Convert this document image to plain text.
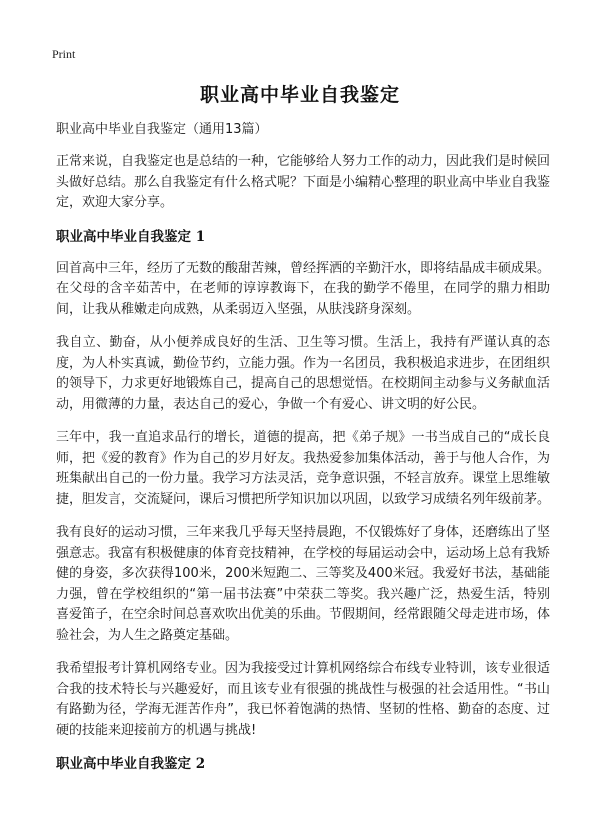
Print
职业高中毕业自我鉴定
职业高中毕业自我鉴定（通用13篇）

正常来说，自我鉴定也是总结的一种，它能够给人努力工作的动力，因此我们是时候回头做好总结。那么自我鉴定有什么格式呢？下面是小编精心整理的职业高中毕业自我鉴定，欢迎大家分享。

职业高中毕业自我鉴定 1

回首高中三年，经历了无数的酸甜苦辣，曾经挥洒的辛勤汗水，即将结晶成丰硕成果。在父母的含辛茹苦中，在老师的谆谆教诲下，在我的勤学不倦里，在同学的鼎力相助间，让我从稚嫩走向成熟，从柔弱迈入坚强，从肤浅跻身深刻。

我自立、勤奋，从小便养成良好的生活、卫生等习惯。生活上，我持有严谨认真的态度，为人朴实真诚，勤俭节约，立能力强。作为一名团员，我积极追求进步，在团组织的领导下，力求更好地锻炼自己，提高自己的思想觉悟。在校期间主动参与义务献血活动，用微薄的力量，表达自己的爱心，争做一个有爱心、讲文明的好公民。

三年中，我一直追求品行的增长，道德的提高，把《弟子规》一书当成自己的“成长良师，把《爱的教育》作为自己的岁月好友。我热爱参加集体活动，善于与他人合作，为班集献出自己的一份力量。我学习方法灵活，竞争意识强，不轻言放弃。课堂上思维敏捷，胆发言，交流疑问，课后习惯把所学知识加以巩固，以致学习成绩名列年级前茅。

我有良好的运动习惯，三年来我几乎每天坚持晨跑，不仅锻炼好了身体，还磨练出了坚强意志。我富有积极健康的体育竞技精神，在学校的每届运动会中，运动场上总有我矫健的身姿，多次获得100米，200米短跑二、三等奖及400米冠。我爱好书法，基础能力强，曾在学校组织的“第一届书法赛”中荣获二等奖。我兴趣广泛，热爱生活，特别喜爱笛子，在空余时间总喜欢吹出优美的乐曲。节假期间，经常跟随父母走进市场，体验社会，为人生之路奠定基础。

我希望报考计算机网络专业。因为我接受过计算机网络综合布线专业特训，该专业很适合我的技术特长与兴趣爱好，而且该专业有很强的挑战性与极强的社会适用性。“书山有路勤为径，学海无涯苦作舟”，我已怀着饱满的热情、坚韧的性格、勤奋的态度、过硬的技能来迎接前方的机遇与挑战!

职业高中毕业自我鉴定 2
